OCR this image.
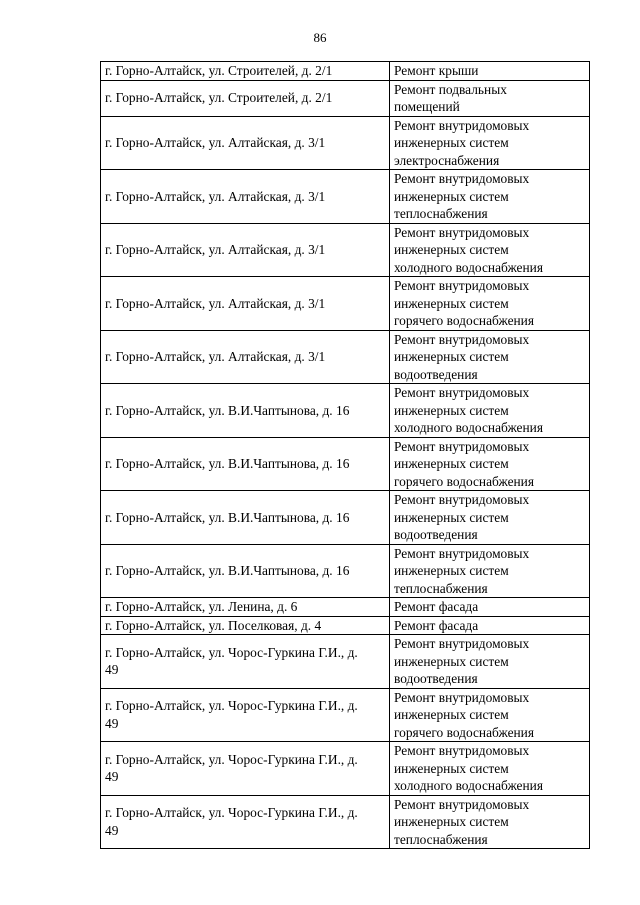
86
г. Горно-Алтайск, ул. Строителей, д. 2/1	Ремонт крыши

г. Горно-Алтайск, ул. Строителей, д. 2/1	Ремонт подвальных
помещений

г. Горно-Алтайск, ул. Алтайская, д. 3/1	Ремонт внутридомовых
инженерных систем
электроснабжения

г. Горно-Алтайск, ул. Алтайская, д. 3/1	Ремонт внутридомовых
инженерных систем
теплоснабжения

г. Горно-Алтайск, ул. Алтайская, д. 3/1	Ремонт внутридомовых
инженерных систем
холодного водоснабжения

г. Горно-Алтайск, ул. Алтайская, д. 3/1	Ремонт внутридомовых
инженерных систем
горячего водоснабжения

г. Горно-Алтайск, ул. Алтайская, д. 3/1	Ремонт внутридомовых
инженерных систем
водоотведения

г. Горно-Алтайск, ул. В.И.Чаптынова, д. 16	Ремонт внутридомовых
инженерных систем
холодного водоснабжения

г. Горно-Алтайск, ул. В.И.Чаптынова, д. 16	Ремонт внутридомовых
инженерных систем
горячего водоснабжения

г. Горно-Алтайск, ул. В.И.Чаптынова, д. 16	Ремонт внутридомовых
инженерных систем
водоотведения

г. Горно-Алтайск, ул. В.И.Чаптынова, д. 16	Ремонт внутридомовых
инженерных систем
теплоснабжения

г. Горно-Алтайск, ул. Ленина, д. 6	Ремонт фасада

г. Горно-Алтайск, ул. Поселковая, д. 4	Ремонт фасада

г. Горно-Алтайск, ул. Чорос-Гуркина Г.И., д. 49	Ремонт внутридомовых
инженерных систем
водоотведения

г. Горно-Алтайск, ул. Чорос-Гуркина Г.И., д. 49	Ремонт внутридомовых
инженерных систем
горячего водоснабжения

г. Горно-Алтайск, ул. Чорос-Гуркина Г.И., д. 49	Ремонт внутридомовых
инженерных систем
холодного водоснабжения

г. Горно-Алтайск, ул. Чорос-Гуркина Г.И., д. 49	Ремонт внутридомовых
инженерных систем
теплоснабжения
